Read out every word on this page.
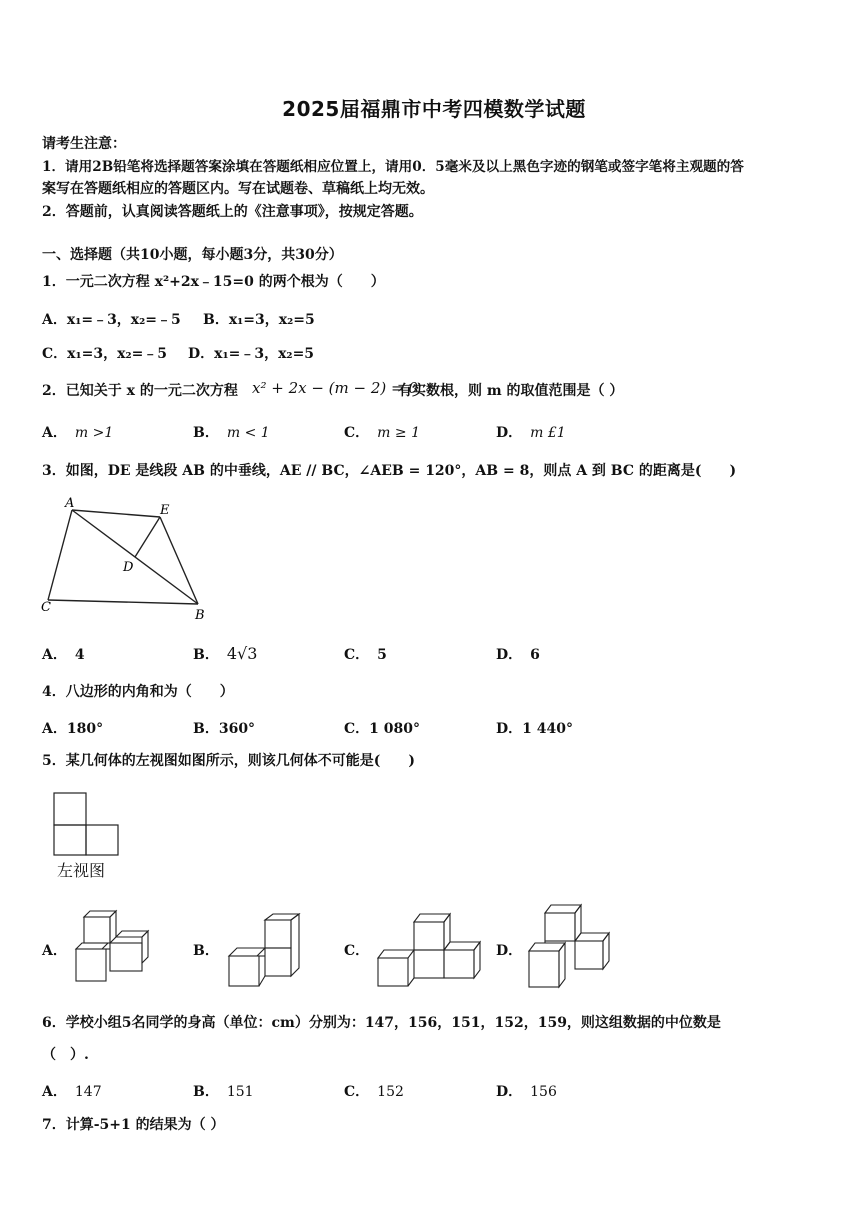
2025届福鼎市中考四模数学试题
请考生注意：
1．请用2B铅笔将选择题答案涂填在答题纸相应位置上，请用0．5毫米及以上黑色字迹的钢笔或签字笔将主观题的答
案写在答题纸相应的答题区内。写在试题卷、草稿纸上均无效。
2．答题前，认真阅读答题纸上的《注意事项》，按规定答题。
一、选择题（共10小题，每小题3分，共30分）
1．一元二次方程 x²+2x﹣15=0 的两个根为（　　）
A．x₁=﹣3，x₂=﹣5 B．x₁=3，x₂=5
C．x₁=3，x₂=﹣5 D．x₁=﹣3，x₂=5
2．已知关于 x 的一元二次方程 x² + 2x − (m − 2) = 0
有实数根，则 m 的取值范围是（ ）
A． m >1	B． m < 1	C． m ≥ 1	D． m £1
3．如图，DE 是线段 AB 的中垂线，AE // BC，∠AEB = 120°，AB = 8，则点 A 到 BC 的距离是(　　)
A	E
D
C
B
A． 4	B． 4√3	C． 5	D． 6
4．八边形的内角和为（　　）
A．180°	B．360°	C．1 080°	D．1 440°
5．某几何体的左视图如图所示，则该几何体不可能是(　　)
左视图
A．	B．	C．	D．
6．学校小组5名同学的身高（单位：cm）分别为：147，156，151，152，159，则这组数据的中位数是
（　）.
A． 147	B． 151	C． 152	D． 156
7．计算-5+1 的结果为（ ）
